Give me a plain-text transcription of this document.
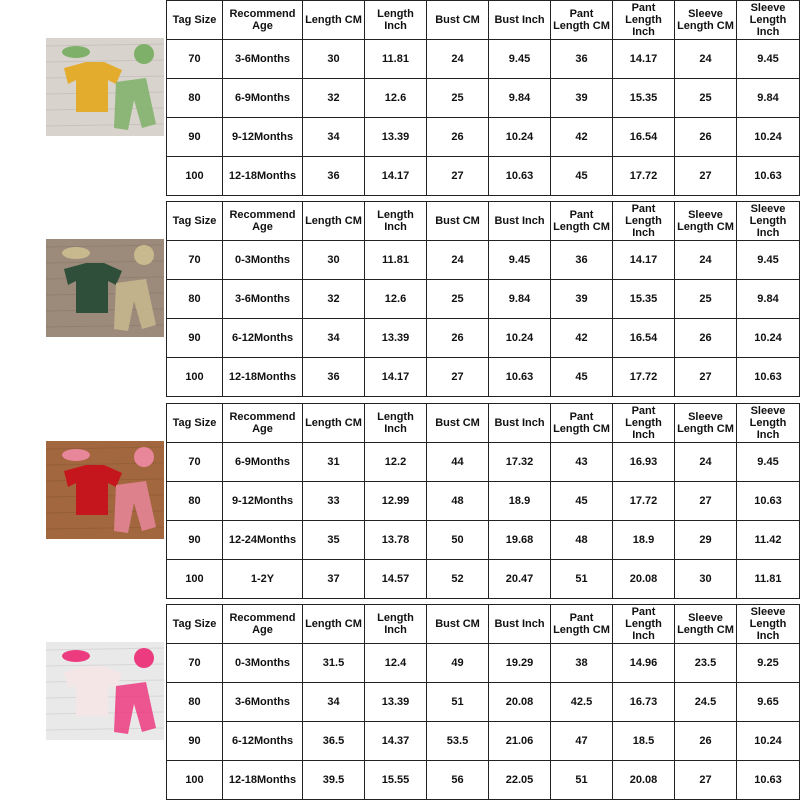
Tag Size	Recommend Age	Length CM	Length Inch	Bust CM	Bust Inch	Pant Length CM	Pant Length Inch	Sleeve Length CM	Sleeve Length Inch
70	3-6Months	30	11.81	24	9.45	36	14.17	24	9.45
80	6-9Months	32	12.6	25	9.84	39	15.35	25	9.84
90	9-12Months	34	13.39	26	10.24	42	16.54	26	10.24
100	12-18Months	36	14.17	27	10.63	45	17.72	27	10.63
Tag Size	Recommend Age	Length CM	Length Inch	Bust CM	Bust Inch	Pant Length CM	Pant Length Inch	Sleeve Length CM	Sleeve Length Inch
70	0-3Months	30	11.81	24	9.45	36	14.17	24	9.45
80	3-6Months	32	12.6	25	9.84	39	15.35	25	9.84
90	6-12Months	34	13.39	26	10.24	42	16.54	26	10.24
100	12-18Months	36	14.17	27	10.63	45	17.72	27	10.63
Tag Size	Recommend Age	Length CM	Length Inch	Bust CM	Bust Inch	Pant Length CM	Pant Length Inch	Sleeve Length CM	Sleeve Length Inch
70	6-9Months	31	12.2	44	17.32	43	16.93	24	9.45
80	9-12Months	33	12.99	48	18.9	45	17.72	27	10.63
90	12-24Months	35	13.78	50	19.68	48	18.9	29	11.42
100	1-2Y	37	14.57	52	20.47	51	20.08	30	11.81
Tag Size	Recommend Age	Length CM	Length Inch	Bust CM	Bust Inch	Pant Length CM	Pant Length Inch	Sleeve Length CM	Sleeve Length Inch
70	0-3Months	31.5	12.4	49	19.29	38	14.96	23.5	9.25
80	3-6Months	34	13.39	51	20.08	42.5	16.73	24.5	9.65
90	6-12Months	36.5	14.37	53.5	21.06	47	18.5	26	10.24
100	12-18Months	39.5	15.55	56	22.05	51	20.08	27	10.63
